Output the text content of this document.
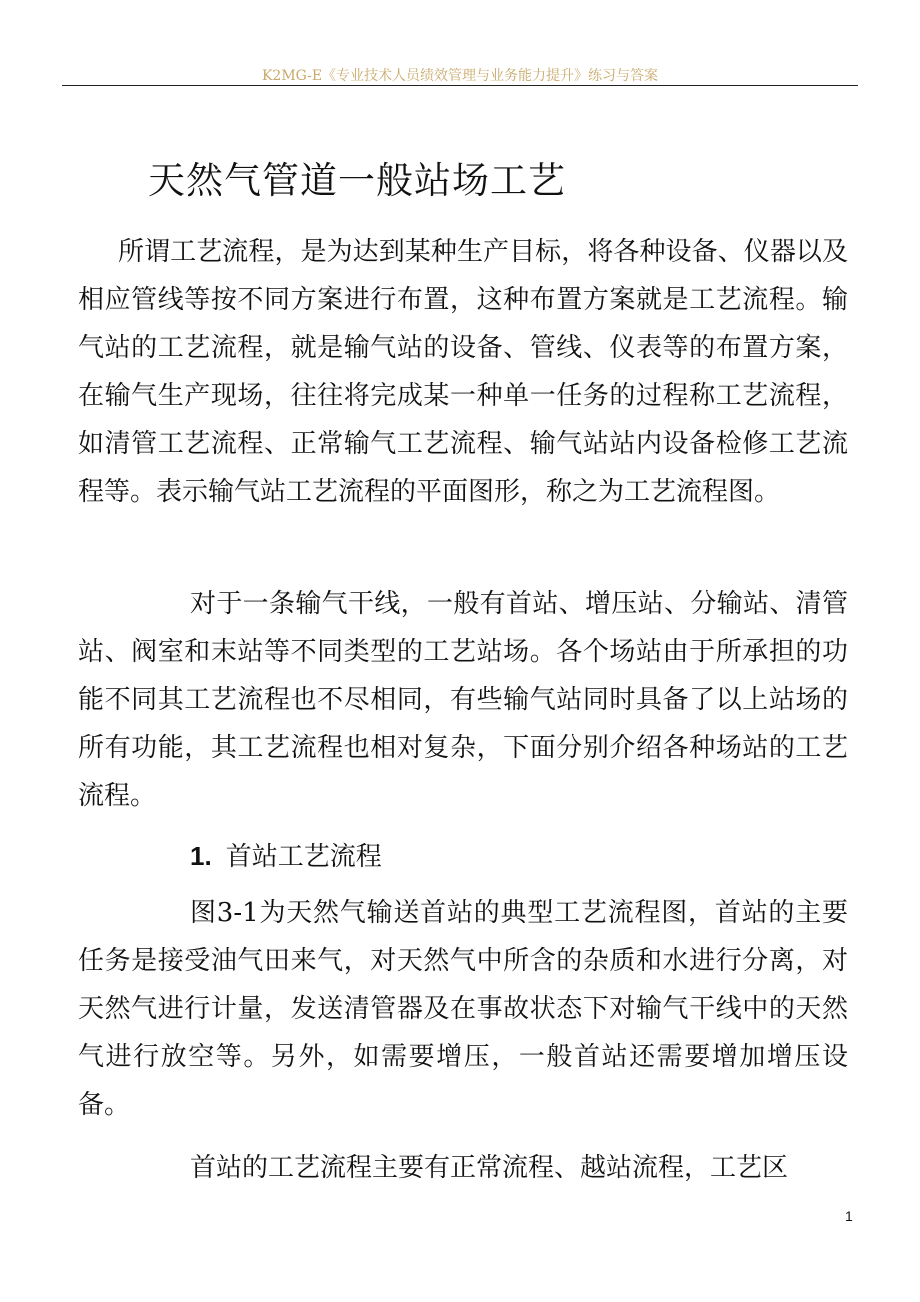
K2MG-E《专业技术人员绩效管理与业务能力提升》练习与答案
天然气管道一般站场工艺

所谓工艺流程，是为达到某种生产目标，将各种设备、仪器以及相应管线等按不同方案进行布置，这种布置方案就是工艺流程。输气站的工艺流程，就是输气站的设备、管线、仪表等的布置方案，在输气生产现场，往往将完成某一种单一任务的过程称工艺流程，如清管工艺流程、正常输气工艺流程、输气站站内设备检修工艺流程等。表示输气站工艺流程的平面图形，称之为工艺流程图。

对于一条输气干线，一般有首站、增压站、分输站、清管站、阀室和末站等不同类型的工艺站场。各个场站由于所承担的功能不同其工艺流程也不尽相同，有些输气站同时具备了以上站场的所有功能，其工艺流程也相对复杂，下面分别介绍各种场站的工艺流程。

1. 首站工艺流程

图3-1为天然气输送首站的典型工艺流程图，首站的主要任务是接受油气田来气，对天然气中所含的杂质和水进行分离，对天然气进行计量，发送清管器及在事故状态下对输气干线中的天然气进行放空等。另外，如需要增压，一般首站还需要增加增压设备。

首站的工艺流程主要有正常流程、越站流程，工艺区

1
